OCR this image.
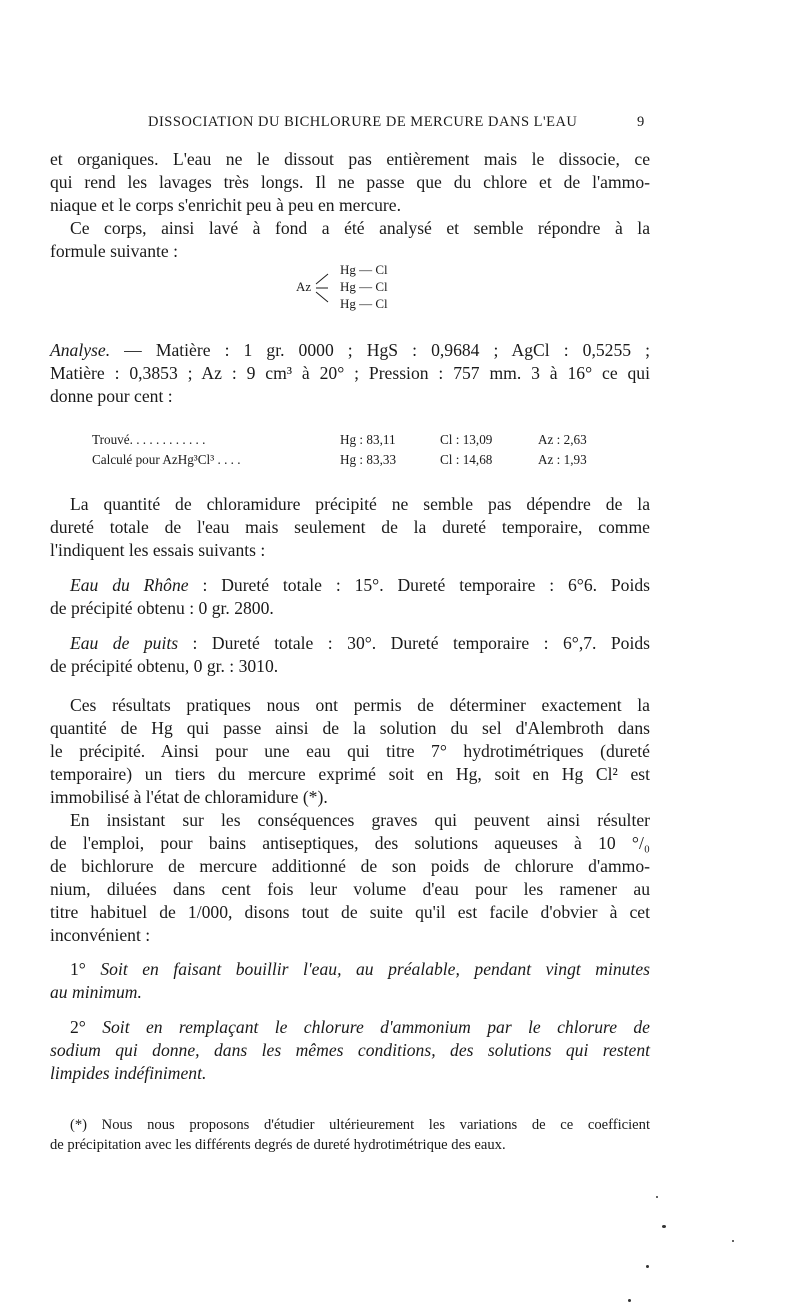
DISSOCIATION DU BICHLORURE DE MERCURE DANS L'EAU	9
et organiques. L'eau ne le dissout pas entièrement mais le dissocie, ce
qui rend les lavages très longs. Il ne passe que du chlore et de l'ammo-
niaque et le corps s'enrichit peu à peu en mercure.
Ce corps, ainsi lavé à fond a été analysé et semble répondre à la
formule suivante :
Az
Hg — Cl
Hg — Cl
Hg — Cl
Analyse. — Matière : 1 gr. 0000 ; HgS : 0,9684 ; AgCl : 0,5255 ;
Matière : 0,3853 ; Az : 9 cm³ à 20° ; Pression : 757 mm. 3 à 16° ce qui
donne pour cent :
Trouvé. . . . . . . . . . . .	Hg : 83,11	Cl : 13,09	Az : 2,63
Calculé pour AzHg³Cl³ . . . .	Hg : 83,33	Cl : 14,68	Az : 1,93
La quantité de chloramidure précipité ne semble pas dépendre de la
dureté totale de l'eau mais seulement de la dureté temporaire, comme
l'indiquent les essais suivants :
Eau du Rhône : Dureté totale : 15°. Dureté temporaire : 6°6. Poids
de précipité obtenu : 0 gr. 2800.
Eau de puits : Dureté totale : 30°. Dureté temporaire : 6°,7. Poids
de précipité obtenu, 0 gr. : 3010.
Ces résultats pratiques nous ont permis de déterminer exactement la
quantité de Hg qui passe ainsi de la solution du sel d'Alembroth dans
le précipité. Ainsi pour une eau qui titre 7° hydrotimétriques (dureté
temporaire) un tiers du mercure exprimé soit en Hg, soit en Hg Cl² est
immobilisé à l'état de chloramidure (*).
En insistant sur les conséquences graves qui peuvent ainsi résulter
de l'emploi, pour bains antiseptiques, des solutions aqueuses à 10 °/₀
de bichlorure de mercure additionné de son poids de chlorure d'ammo-
nium, diluées dans cent fois leur volume d'eau pour les ramener au
titre habituel de 1/000, disons tout de suite qu'il est facile d'obvier à cet
inconvénient :
1° Soit en faisant bouillir l'eau, au préalable, pendant vingt minutes
au minimum.
2° Soit en remplaçant le chlorure d'ammonium par le chlorure de
sodium qui donne, dans les mêmes conditions, des solutions qui restent
limpides indéfiniment.
(*) Nous nous proposons d'étudier ultérieurement les variations de ce coefficient
de précipitation avec les différents degrés de dureté hydrotimétrique des eaux.
